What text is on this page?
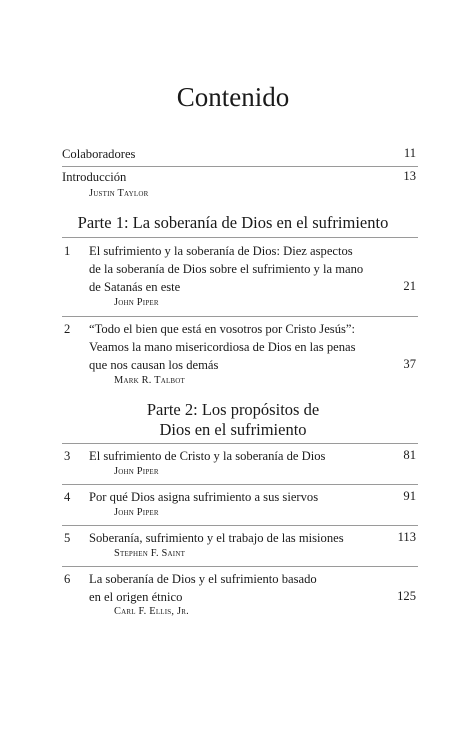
Contenido
Colaboradores	11
Introducción
Justin Taylor
13
Parte 1: La soberanía de Dios en el sufrimiento
1 El sufrimiento y la soberanía de Dios: Diez aspectos
de la soberanía de Dios sobre el sufrimiento y la mano
de Satanás en este
John Piper
21
2 “Todo el bien que está en vosotros por Cristo Jesús”:
Veamos la mano misericordiosa de Dios en las penas
que nos causan los demás
Mark R. Talbot
37
Parte 2: Los propósitos de
Dios en el sufrimiento
3 El sufrimiento de Cristo y la soberanía de Dios
John Piper
81
4 Por qué Dios asigna sufrimiento a sus siervos
John Piper
91
5 Soberanía, sufrimiento y el trabajo de las misiones
Stephen F. Saint
113
6 La soberanía de Dios y el sufrimiento basado
en el origen étnico
Carl F. Ellis, Jr.
125
